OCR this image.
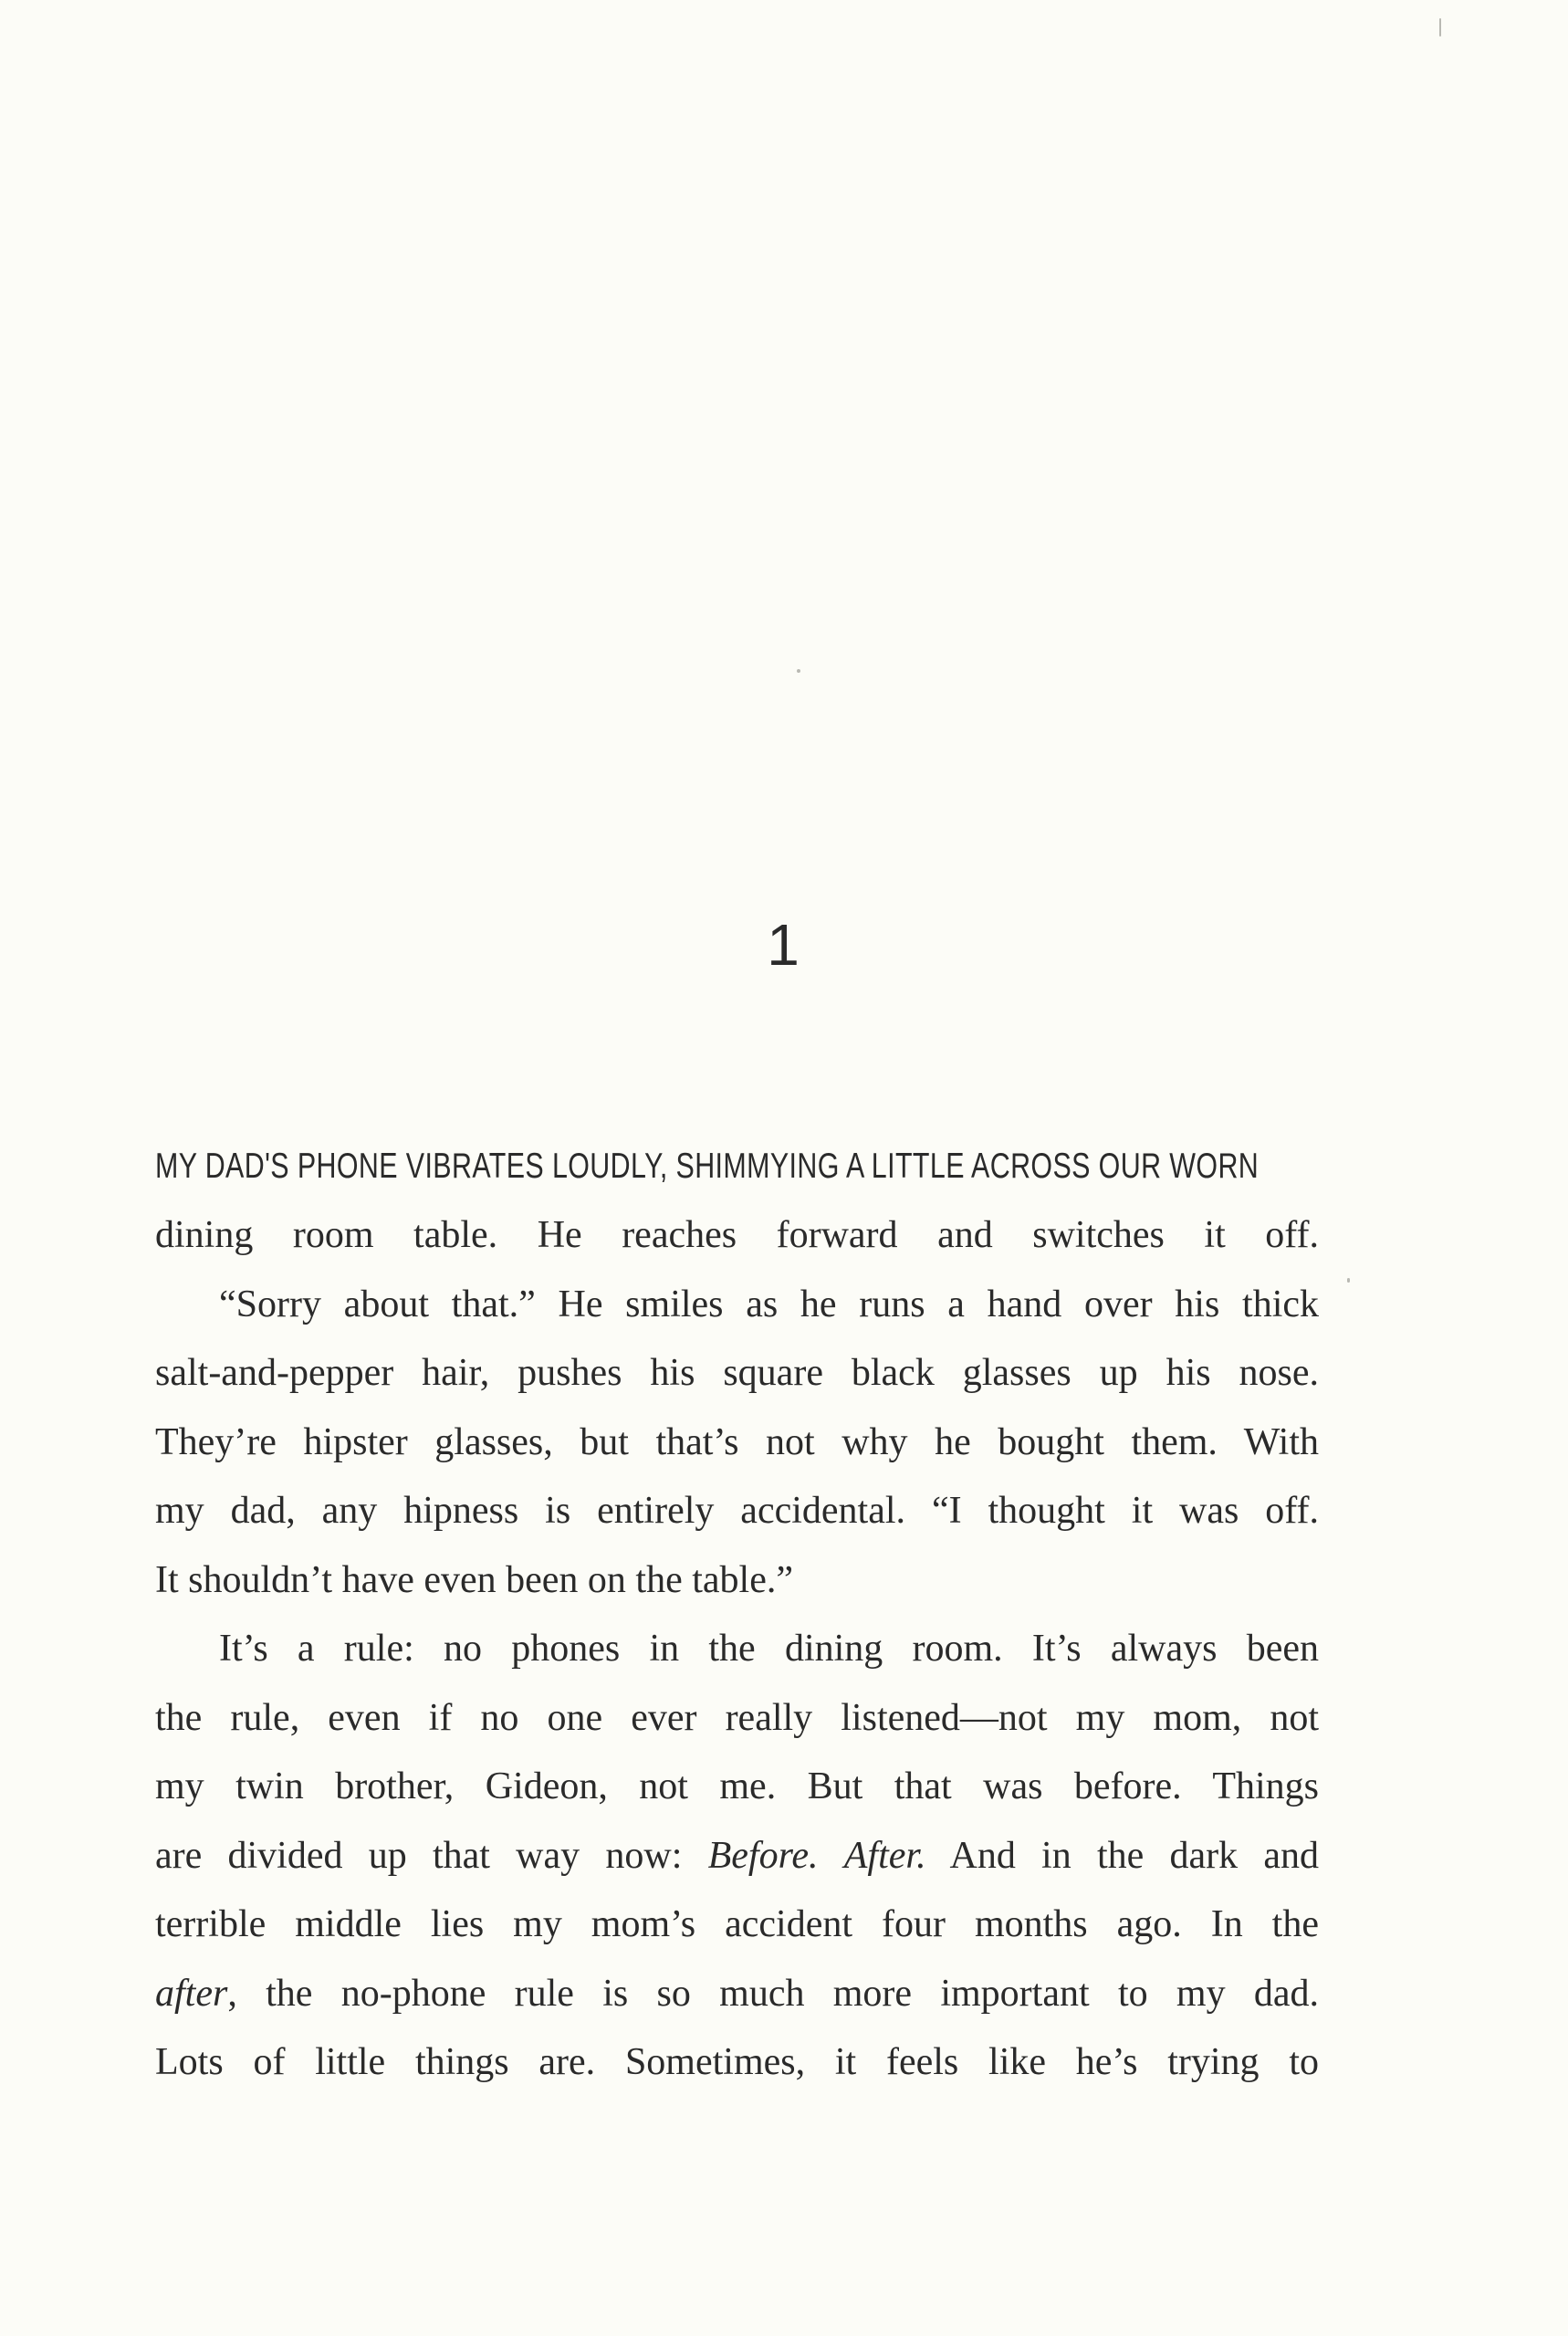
1
MY DAD'S PHONE VIBRATES LOUDLY, SHIMMYING A LITTLE ACROSS OUR WORN
dining room table. He reaches forward and switches it off.
“Sorry about that.” He smiles as he runs a hand over his thick
salt-and-pepper hair, pushes his square black glasses up his nose.
They’re hipster glasses, but that’s not why he bought them. With
my dad, any hipness is entirely accidental. “I thought it was off.
It shouldn’t have even been on the table.”
It’s a rule: no phones in the dining room. It’s always been
the rule, even if no one ever really listened—not my mom, not
my twin brother, Gideon, not me. But that was before. Things
are divided up that way now: Before. After. And in the dark and
terrible middle lies my mom’s accident four months ago. In the
after, the no-phone rule is so much more important to my dad.
Lots of little things are. Sometimes, it feels like he’s trying to
